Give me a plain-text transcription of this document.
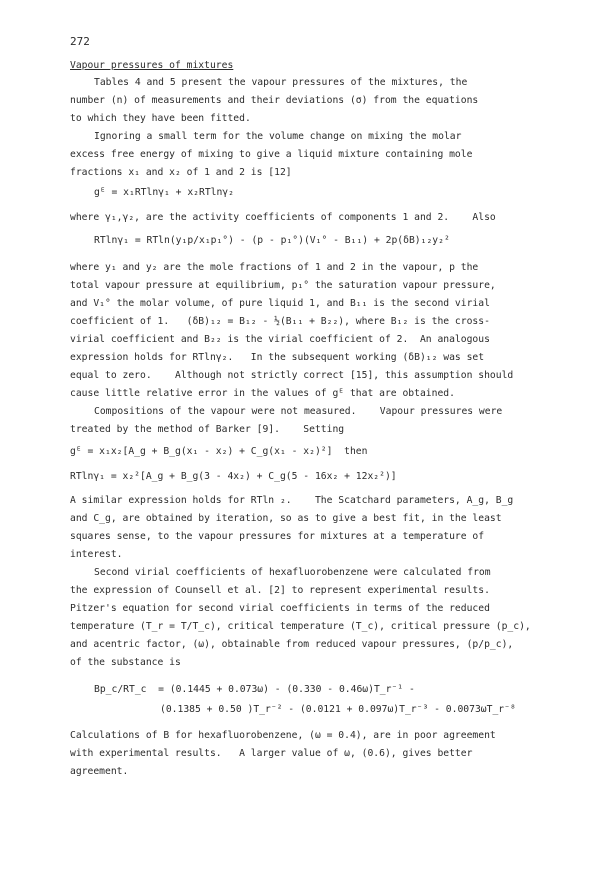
272
Vapour pressures of mixtures
Tables 4 and 5 present the vapour pressures of the mixtures, the
number (n) of measurements and their deviations (σ) from the equations
to which they have been fitted.
Ignoring a small term for the volume change on mixing the molar
excess free energy of mixing to give a liquid mixture containing mole
fractions x₁ and x₂ of 1 and 2 is [12]
gᴱ = x₁RTlnγ₁ + x₂RTlnγ₂
where γ₁,γ₂, are the activity coefficients of components 1 and 2.    Also
RTlnγ₁ = RTln(y₁p/x₁p₁°) - (p - p₁°)(V₁° - B₁₁) + 2p(δB)₁₂y₂²
where y₁ and y₂ are the mole fractions of 1 and 2 in the vapour, p the
total vapour pressure at equilibrium, p₁° the saturation vapour pressure,
and V₁° the molar volume, of pure liquid 1, and B₁₁ is the second virial
coefficient of 1.   (δB)₁₂ = B₁₂ - ½(B₁₁ + B₂₂), where B₁₂ is the cross-
virial coefficient and B₂₂ is the virial coefficient of 2.  An analogous
expression holds for RTlnγ₂.   In the subsequent working (δB)₁₂ was set
equal to zero.    Although not strictly correct [15], this assumption should
cause little relative error in the values of gᴱ that are obtained.
Compositions of the vapour were not measured.    Vapour pressures were
treated by the method of Barker [9].    Setting
gᴱ = x₁x₂[A_g + B_g(x₁ - x₂) + C_g(x₁ - x₂)²]  then
RTlnγ₁ = x₂²[A_g + B_g(3 - 4x₂) + C_g(5 - 16x₂ + 12x₂²)]
A similar expression holds for RTln ₂.    The Scatchard parameters, A_g, B_g
and C_g, are obtained by iteration, so as to give a best fit, in the least
squares sense, to the vapour pressures for mixtures at a temperature of
interest.
Second virial coefficients of hexafluorobenzene were calculated from
the expression of Counsell et al. [2] to represent experimental results.
Pitzer's equation for second virial coefficients in terms of the reduced
temperature (T_r = T/T_c), critical temperature (T_c), critical pressure (p_c),
and acentric factor, (ω), obtainable from reduced vapour pressures, (p/p_c),
of the substance is
Bp_c/RT_c  = (0.1445 + 0.073ω) - (0.330 - 0.46ω)T_r⁻¹ -
(0.1385 + 0.50 )T_r⁻² - (0.0121 + 0.097ω)T_r⁻³ - 0.0073ωT_r⁻⁸
Calculations of B for hexafluorobenzene, (ω = 0.4), are in poor agreement
with experimental results.   A larger value of ω, (0.6), gives better
agreement.
